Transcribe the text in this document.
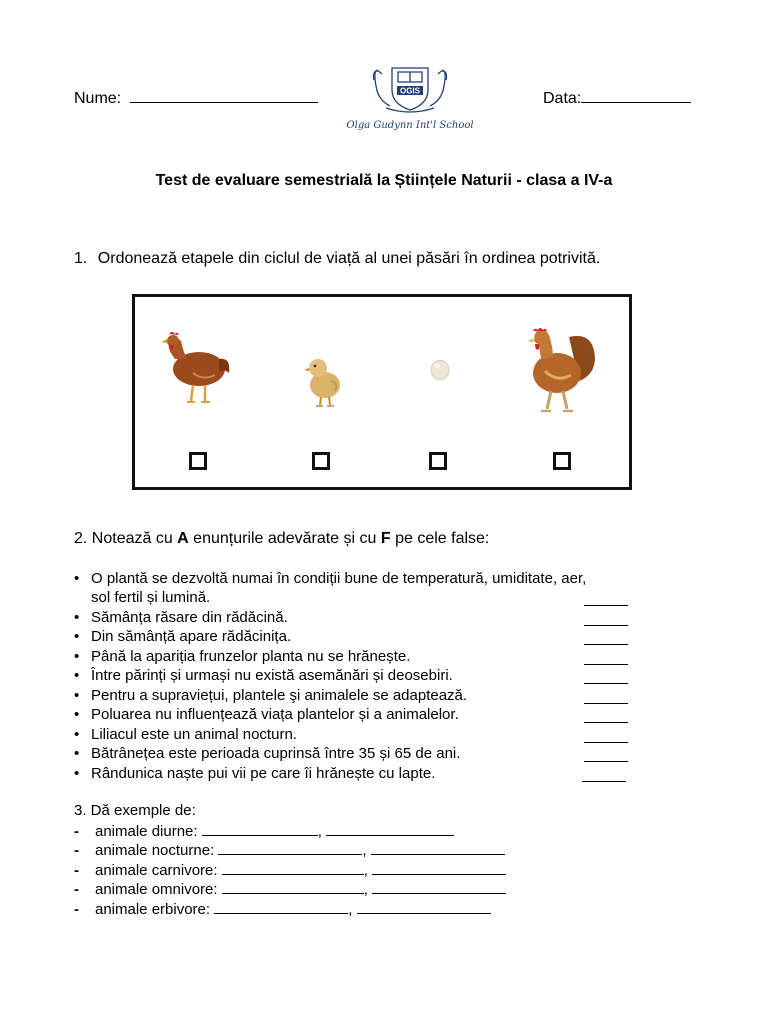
Nume:	Data:
OGIS
Olga Gudynn Int'l School
Test de evaluare semestrială la Științele Naturii - clasa a IV-a
1. Ordonează etapele din ciclul de viață al unei păsări în ordinea potrivită.
2. Notează cu A enunțurile adevărate și cu F pe cele false:
• O plantă se dezvoltă numai în condiții bune de temperatură, umiditate, aer,
sol fertil și lumină.
• Sămânța răsare din rădăcină.
• Din sămânță apare rădăcinița.
• Până la apariția frunzelor planta nu se hrănește.
• Între părinți și urmași nu există asemănări și deosebiri.
• Pentru a supraviețui, plantele şi animalele se adaptează.
• Poluarea nu influențează viața plantelor și a animalelor.
• Liliacul este un animal nocturn.
• Bătrânețea este perioada cuprinsă între 35 și 65 de ani.
• Rândunica naște pui vii pe care îi hrănește cu lapte.
3. Dă exemple de:
- animale diurne:	,
- animale nocturne:	,
- animale carnivore:	,
- animale omnivore:	,
- animale erbivore:	,
